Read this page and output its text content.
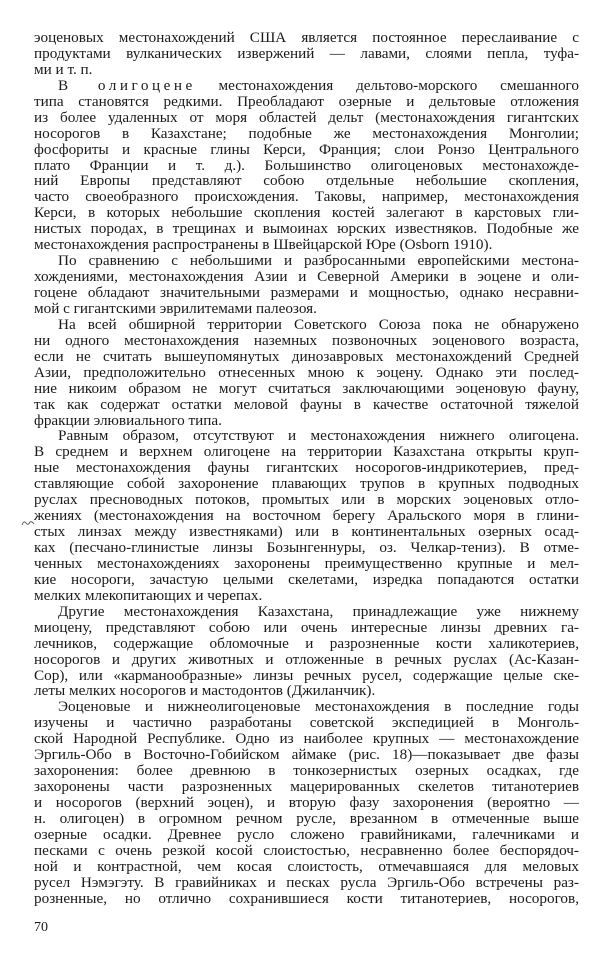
эоценовых местонахождений США является постоянное переслаивание с
продуктами вулканических извержений — лавами, слоями пепла, туфа-
ми и т. п.
В олигоцене местонахождения дельтово-морского смешанного
типа становятся редкими. Преобладают озерные и дельтовые отложения
из более удаленных от моря областей дельт (местонахождения гигантских
носорогов в Казахстане; подобные же местонахождения Монголии;
фосфориты и красные глины Керси, Франция; слои Ронзо Центрального
плато Франции и т. д.). Большинство олигоценовых местонахожде-
ний Европы представляют собою отдельные небольшие скопления,
часто своеобразного происхождения. Таковы, например, местонахождения
Керси, в которых небольшие скопления костей залегают в карстовых гли-
нистых породах, в трещинах и вымоинах юрских известняков. Подобные же
местонахождения распространены в Швейцарской Юре (Osborn 1910).
По сравнению с небольшими и разбросанными европейскими местона-
хождениями, местонахождения Азии и Северной Америки в эоцене и оли-
гоцене обладают значительными размерами и мощностью, однако несравни-
мой с гигантскими эврилитемами палеозоя.
На всей обширной территории Советского Союза пока не обнаружено
ни одного местонахождения наземных позвоночных эоценового возраста,
если не считать вышеупомянутых динозавровых местонахождений Средней
Азии, предположительно отнесенных мною к эоцену. Однако эти послед-
ние никоим образом не могут считаться заключающими эоценовую фауну,
так как содержат остатки меловой фауны в качестве остаточной тяжелой
фракции элювиального типа.
Равным образом, отсутствуют и местонахождения нижнего олигоцена.
В среднем и верхнем олигоцене на территории Казахстана открыты круп-
ные местонахождения фауны гигантских носорогов-индрикотериев, пред-
ставляющие собой захоронение плавающих трупов в крупных подводных
руслах пресноводных потоков, промытых или в морских эоценовых отло-
жениях (местонахождения на восточном берегу Аральского моря в глини-
стых линзах между известняками) или в континентальных озерных осад-
ках (песчано-глинистые линзы Бозынгеннуры, оз. Челкар-тениз). В отме-
ченных местонахождениях захоронены преимущественно крупные и мел-
кие носороги, зачастую целыми скелетами, изредка попадаются остатки
мелких млекопитающих и черепах.
Другие местонахождения Казахстана, принадлежащие уже нижнему
миоцену, представляют собою или очень интересные линзы древних га-
лечников, содержащие обломочные и разрозненные кости халикотериев,
носорогов и других животных и отложенные в речных руслах (Ас-Казан-
Сор), или «карманообразные» линзы речных русел, содержащие целые ске-
леты мелких носорогов и мастодонтов (Джиланчик).
Эоценовые и нижнеолигоценовые местонахождения в последние годы
изучены и частично разработаны советской экспедицией в Монголь-
ской Народной Республике. Одно из наиболее крупных — местонахождение
Эргиль-Обо в Восточно-Гобийском аймаке (рис. 18)—показывает две фазы
захоронения: более древнюю в тонкозернистых озерных осадках, где
захоронены части разрозненных мацерированных скелетов титанотериев
и носорогов (верхний эоцен), и вторую фазу захоронения (вероятно —
н. олигоцен) в огромном речном русле, врезанном в отмеченные выше
озерные осадки. Древнее русло сложено гравийниками, галечниками и
песками с очень резкой косой слоистостью, несравненно более беспорядоч-
ной и контрастной, чем косая слоистость, отмечавшаяся для меловых
русел Нэмэгэту. В гравийниках и песках русла Эргиль-Обо встречены раз-
розненные, но отлично сохранившиеся кости титанотериев, носорогов,
70
